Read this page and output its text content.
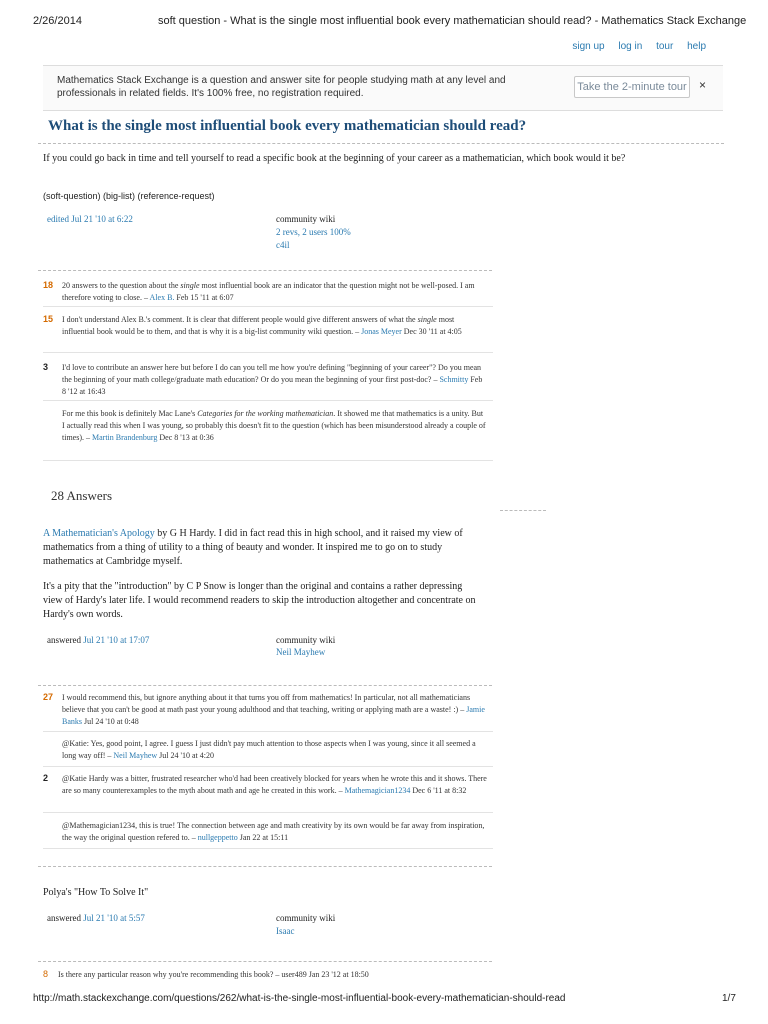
2/26/2014	soft question - What is the single most influential book every mathematician should read? - Mathematics Stack Exchange
sign up log in tour help
Mathematics Stack Exchange is a question and answer site for people studying math at any level and professionals in related fields. It's 100% free, no registration required.
Take the 2-minute tour ×
What is the single most influential book every mathematician should read?
If you could go back in time and tell yourself to read a specific book at the beginning of your career as a mathematician, which book would it be?
(soft-question) (big-list) (reference-request)
edited Jul 21 '10 at 6:22	community wiki
2 revs, 2 users 100%
c4il
18 20 answers to the question about the single most influential book are an indicator that the question might not be well-posed. I am therefore voting to close. – Alex B. Feb 15 '11 at 6:07
15 I don't understand Alex B.'s comment. It is clear that different people would give different answers of what the single most influential book would be to them, and that is why it is a big-list community wiki question. – Jonas Meyer Dec 30 '11 at 4:05
3 I'd love to contribute an answer here but before I do can you tell me how you're defining "beginning of your career"? Do you mean the beginning of your math college/graduate math education? Or do you mean the beginning of your first post-doc? – Schmitty Feb 8 '12 at 16:43
For me this book is definitely Mac Lane's Categories for the working mathematician. It showed me that mathematics is a unity. But I actually read this when I was young, so probably this doesn't fit to the question (which has been misunderstood already a couple of times). – Martin Brandenburg Dec 8 '13 at 0:36
28 Answers
A Mathematician's Apology by G H Hardy. I did in fact read this in high school, and it raised my view of mathematics from a thing of utility to a thing of beauty and wonder. It inspired me to go on to study mathematics at Cambridge myself.
It's a pity that the "introduction" by C P Snow is longer than the original and contains a rather depressing view of Hardy's later life. I would recommend readers to skip the introduction altogether and concentrate on Hardy's own words.
answered Jul 21 '10 at 17:07	community wiki
Neil Mayhew
27 I would recommend this, but ignore anything about it that turns you off from mathematics! In particular, not all mathematicians believe that you can't be good at math past your young adulthood and that teaching, writing or applying math are a waste! :) – Jamie Banks Jul 24 '10 at 0:48
@Katie: Yes, good point, I agree. I guess I just didn't pay much attention to those aspects when I was young, since it all seemed a long way off! – Neil Mayhew Jul 24 '10 at 4:20
2 @Katie Hardy was a bitter, frustrated researcher who'd had been creatively blocked for years when he wrote this and it shows. There are so many counterexamples to the myth about math and age he created in this work. – Mathemagician1234 Dec 6 '11 at 8:32
@Mathemagician1234, this is true! The connection between age and math creativity by its own would be far away from inspiration, the way the original question refered to. – nullgeppetto Jan 22 at 15:11
Polya's "How To Solve It"
answered Jul 21 '10 at 5:57	community wiki
Isaac
8 Is there any particular reason why you're recommending this book? – user489 Jan 23 '12 at 18:50
http://math.stackexchange.com/questions/262/what-is-the-single-most-influential-book-every-mathematician-should-read	1/7
